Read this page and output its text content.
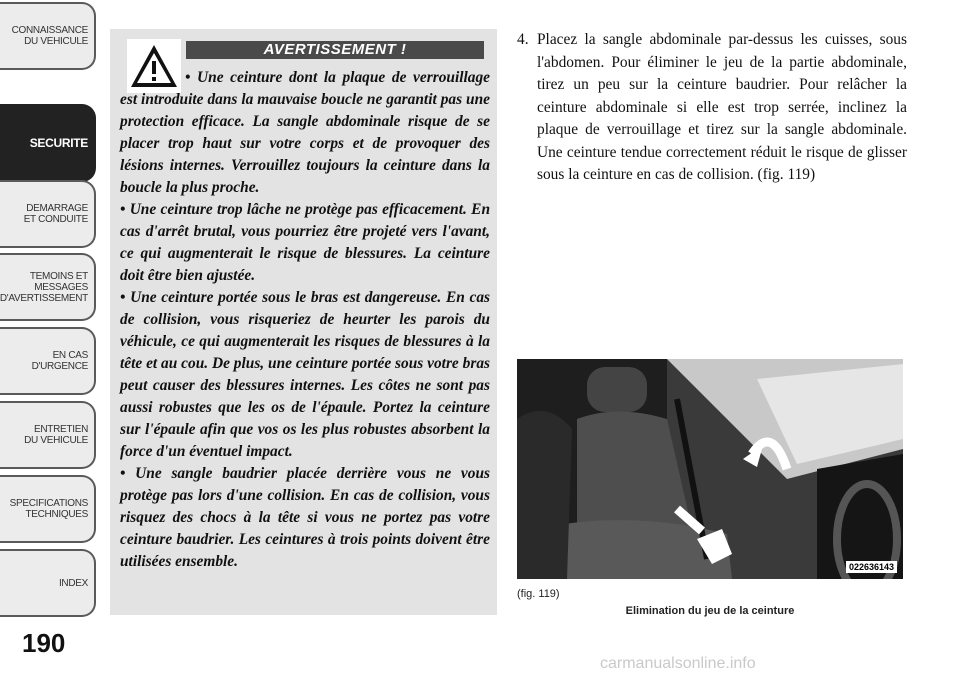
CONNAISSANCE
DU VEHICULE
SECURITE
DEMARRAGE
ET CONDUITE
TEMOINS ET
MESSAGES
D'AVERTISSEMENT
EN CAS
D'URGENCE
ENTRETIEN
DU VEHICULE
SPECIFICATIONS
TECHNIQUES
INDEX
190
AVERTISSEMENT !

• Une ceinture dont la plaque de verrouillage est introduite dans la mauvaise boucle ne garantit pas une protection efficace. La sangle abdominale risque de se placer trop haut sur votre corps et de provoquer des lésions internes. Verrouillez toujours la ceinture dans la boucle la plus proche.

• Une ceinture trop lâche ne protège pas efficacement. En cas d'arrêt brutal, vous pourriez être projeté vers l'avant, ce qui augmenterait le risque de blessures. La ceinture doit être bien ajustée.

• Une ceinture portée sous le bras est dangereuse. En cas de collision, vous risqueriez de heurter les parois du véhicule, ce qui augmenterait les risques de blessures à la tête et au cou. De plus, une ceinture portée sous votre bras peut causer des blessures internes. Les côtes ne sont pas aussi robustes que les os de l'épaule. Portez la ceinture sur l'épaule afin que vos os les plus robustes absorbent la force d'un éventuel impact.

• Une sangle baudrier placée derrière vous ne vous protège pas lors d'une collision. En cas de collision, vous risquez des chocs à la tête si vous ne portez pas votre ceinture baudrier. Les ceintures à trois points doivent être utilisées ensemble.

4. Placez la sangle abdominale par-dessus les cuisses, sous l'abdomen. Pour éliminer le jeu de la partie abdominale, tirez un peu sur la ceinture baudrier. Pour relâcher la ceinture abdominale si elle est trop serrée, inclinez la plaque de verrouillage et tirez sur la sangle abdominale. Une ceinture tendue correctement réduit le risque de glisser sous la ceinture en cas de collision. (fig. 119)
022636143
(fig. 119)
Elimination du jeu de la ceinture
carmanualsonline.info
